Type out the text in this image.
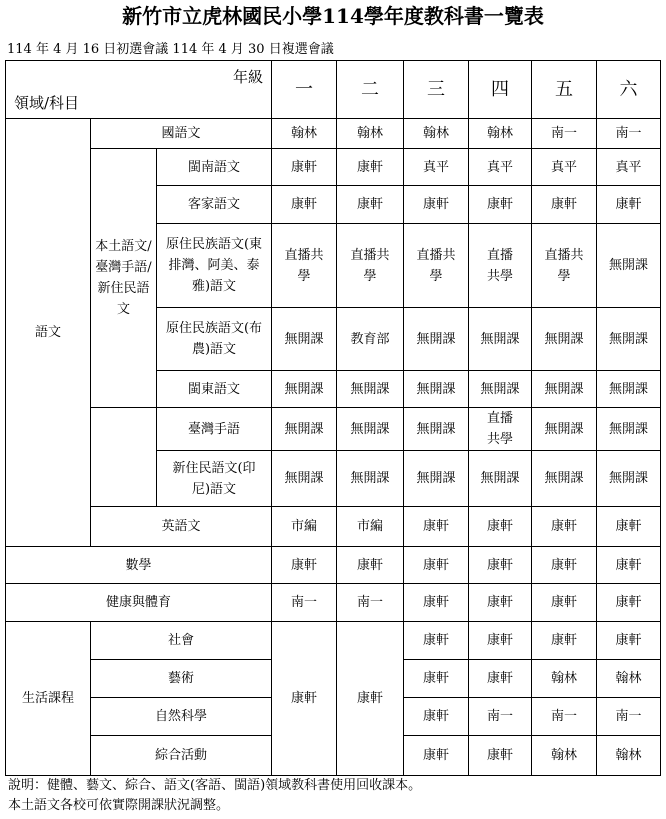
新竹市立虎林國民小學114學年度教科書一覽表
114 年 4 月 16 日初選會議 114 年 4 月 30 日複選會議
年級
領域/科目			一	二	三	四	五	六
語文	國語文		翰林	翰林	翰林	翰林	南一	南一
	本土語文/臺灣手語/新住民語文	閩南語文	康軒	康軒	真平	真平	真平	真平
		客家語文	康軒	康軒	康軒	康軒	康軒	康軒
		原住民族語文(東排灣、阿美、泰雅)語文	直播共學	直播共學	直播共學	直播共學	直播共學	無開課
		原住民族語文(布農)語文	無開課	教育部	無開課	無開課	無開課	無開課
		閩東語文	無開課	無開課	無開課	無開課	無開課	無開課
		臺灣手語	無開課	無開課	無開課	直播共學	無開課	無開課
		新住民語文(印尼)語文	無開課	無開課	無開課	無開課	無開課	無開課
	英語文		市編	市編	康軒	康軒	康軒	康軒
數學			康軒	康軒	康軒	康軒	康軒	康軒
健康與體育			南一	南一	康軒	康軒	康軒	康軒
生活課程	社會		康軒	康軒	康軒	康軒	康軒	康軒
	藝術				康軒	康軒	翰林	翰林
	自然科學				康軒	南一	南一	南一
	綜合活動				康軒	康軒	翰林	翰林
說明：健體、藝文、綜合、語文(客語、閩語)領域教科書使用回收課本。
本土語文各校可依實際開課狀況調整。
